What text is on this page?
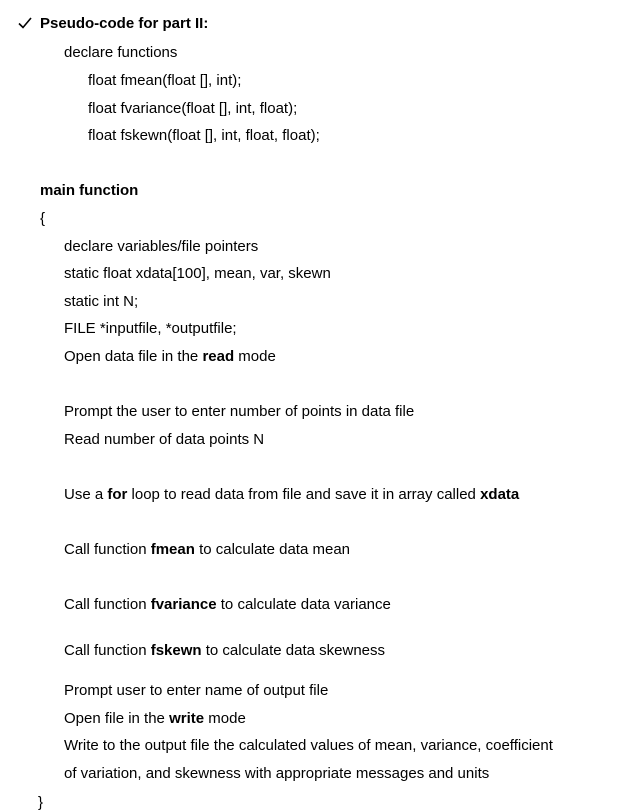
Pseudo-code for part II:
declare functions
float fmean(float [], int);
float fvariance(float [], int, float);
float fskewn(float [], int, float, float);
main function
{
declare variables/file pointers
static float xdata[100], mean, var, skewn
static int N;
FILE *inputfile, *outputfile;
Open data file in the read mode
Prompt the user to enter number of points in data file
Read number of data points N
Use a for loop to read data from file and save it in array called xdata
Call function fmean to calculate data mean
Call function fvariance to calculate data variance
Call function fskewn to calculate data skewness
Prompt user to enter name of output file
Open file in the write mode
Write to the output file the calculated values of mean, variance, coefficient
of variation, and skewness with appropriate messages and units
}
